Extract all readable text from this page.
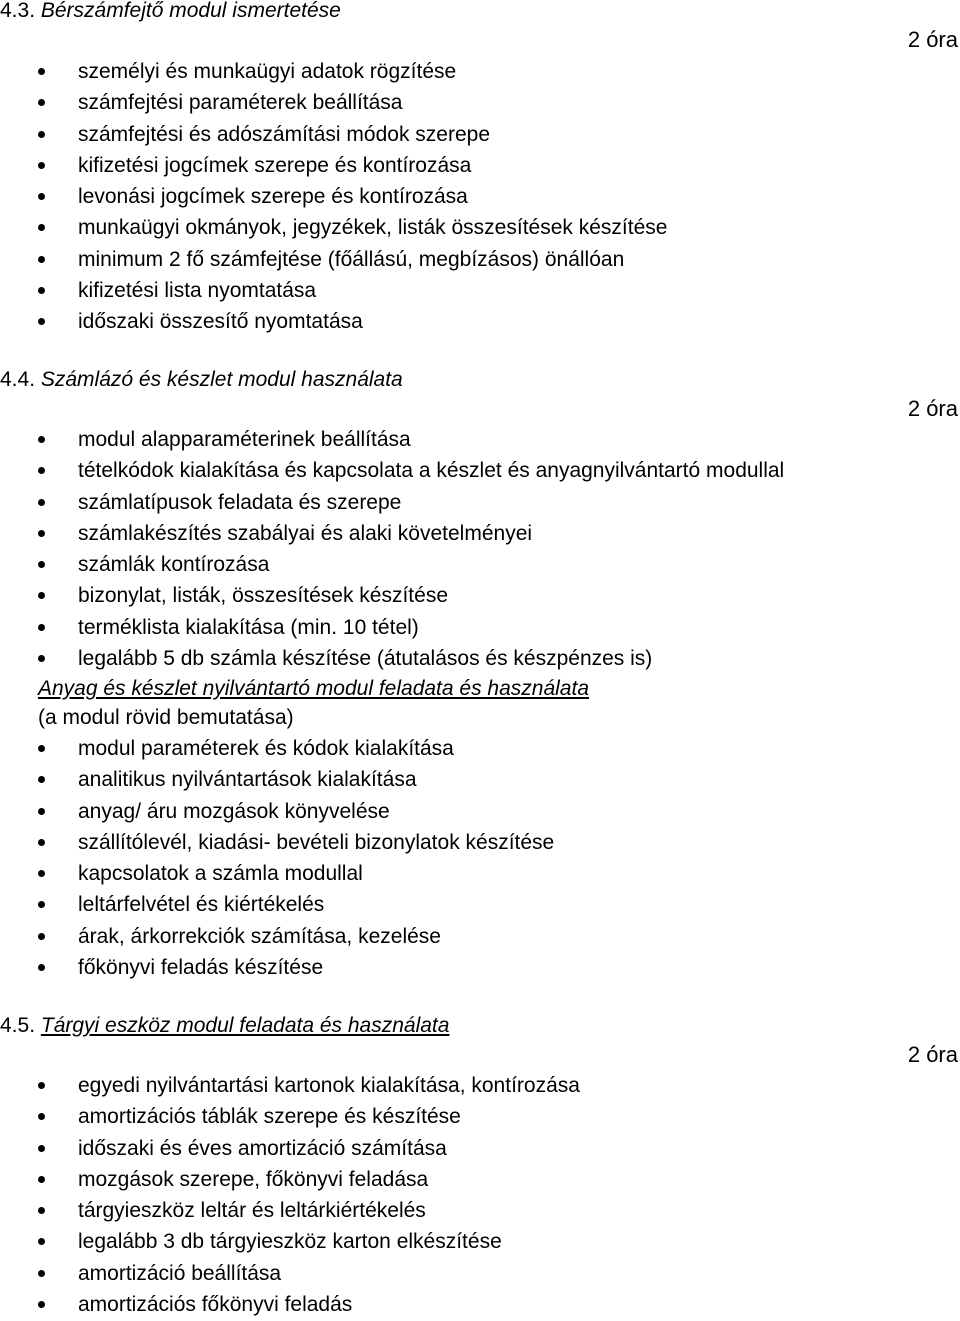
4.3. Bérszámfejtő modul ismertetése
2 óra
személyi és munkaügyi adatok rögzítése
számfejtési paraméterek beállítása
számfejtési és adószámítási módok szerepe
kifizetési jogcímek szerepe és kontírozása
levonási jogcímek szerepe és kontírozása
munkaügyi okmányok, jegyzékek, listák összesítések készítése
minimum 2 fő számfejtése (főállású, megbízásos) önállóan
kifizetési lista nyomtatása
időszaki összesítő nyomtatása
4.4. Számlázó és készlet modul használata
2 óra
modul alapparaméterinek beállítása
tételkódok kialakítása és kapcsolata a készlet és anyagnyilvántartó modullal
számlatípusok feladata és szerepe
számlakészítés szabályai és alaki követelményei
számlák kontírozása
bizonylat, listák, összesítések készítése
terméklista kialakítása (min. 10 tétel)
legalább 5 db számla készítése (átutalásos és készpénzes is)
Anyag és készlet nyilvántartó modul feladata és használata
(a modul rövid bemutatása)
modul paraméterek és kódok kialakítása
analitikus nyilvántartások kialakítása
anyag/ áru mozgások könyvelése
szállítólevél, kiadási- bevételi bizonylatok készítése
kapcsolatok a számla modullal
leltárfelvétel és kiértékelés
árak, árkorrekciók számítása, kezelése
főkönyvi feladás készítése
4.5. Tárgyi eszköz modul feladata és használata
2 óra
egyedi nyilvántartási kartonok kialakítása, kontírozása
amortizációs táblák szerepe és készítése
időszaki és éves amortizáció számítása
mozgások szerepe, főkönyvi feladása
tárgyieszköz leltár és leltárkiértékelés
legalább 3 db tárgyieszköz karton elkészítése
amortizáció beállítása
amortizációs főkönyvi feladás
